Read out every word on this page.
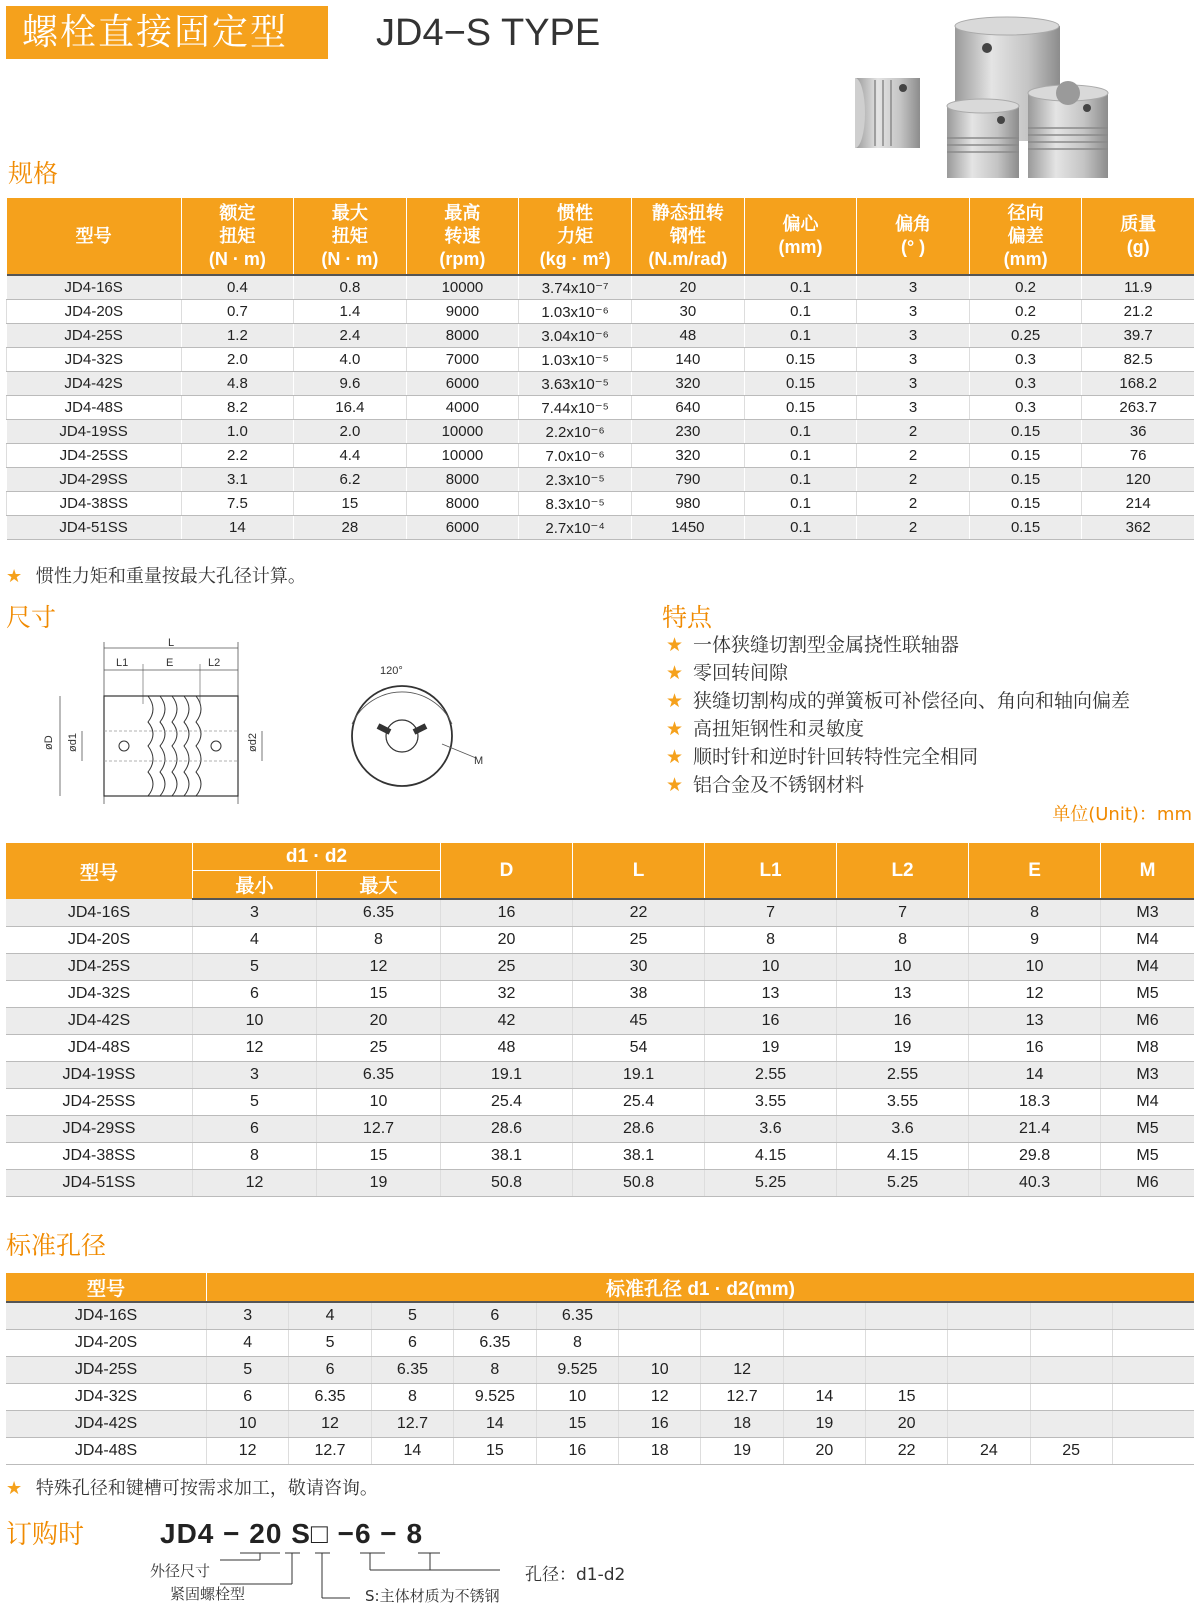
螺栓直接固定型	JD4−S TYPE
规格
型号	额定
扭矩
(N · m)	最大
扭矩
(N · m)	最高
转速
(rpm)	惯性
力矩
(kg · m²)	静态扭转
钢性
(N.m/rad)	偏心
(mm)	偏角
(° )	径向
偏差
(mm)	质量
(g)
JD4-16S	0.4	0.8	10000	3.74x10⁻⁷	20	0.1	3	0.2	11.9
JD4-20S	0.7	1.4	9000	1.03x10⁻⁶	30	0.1	3	0.2	21.2
JD4-25S	1.2	2.4	8000	3.04x10⁻⁶	48	0.1	3	0.25	39.7
JD4-32S	2.0	4.0	7000	1.03x10⁻⁵	140	0.15	3	0.3	82.5
JD4-42S	4.8	9.6	6000	3.63x10⁻⁵	320	0.15	3	0.3	168.2
JD4-48S	8.2	16.4	4000	7.44x10⁻⁵	640	0.15	3	0.3	263.7
JD4-19SS	1.0	2.0	10000	2.2x10⁻⁶	230	0.1	2	0.15	36
JD4-25SS	2.2	4.4	10000	7.0x10⁻⁶	320	0.1	2	0.15	76
JD4-29SS	3.1	6.2	8000	2.3x10⁻⁵	790	0.1	2	0.15	120
JD4-38SS	7.5	15	8000	8.3x10⁻⁵	980	0.1	2	0.15	214
JD4-51SS	14	28	6000	2.7x10⁻⁴	1450	0.1	2	0.15	362
★ 惯性力矩和重量按最大孔径计算。
尺寸	特点
L
L1	E	L2
øD ød1	ød2
120°
M
★ 一体狭缝切割型金属挠性联轴器
★ 零回转间隙
★ 狭缝切割构成的弹簧板可补偿径向、角向和轴向偏差
★ 高扭矩钢性和灵敏度
★ 顺时针和逆时针回转特性完全相同
★ 铝合金及不锈钢材料
单位(Unit)：mm
型号	d1 · d2		D	L	L1	L2	E	M
	最小	最大						
JD4-16S	3	6.35	16	22	7	7	8	M3
JD4-20S	4	8	20	25	8	8	9	M4
JD4-25S	5	12	25	30	10	10	10	M4
JD4-32S	6	15	32	38	13	13	12	M5
JD4-42S	10	20	42	45	16	16	13	M6
JD4-48S	12	25	48	54	19	19	16	M8
JD4-19SS	3	6.35	19.1	19.1	2.55	2.55	14	M3
JD4-25SS	5	10	25.4	25.4	3.55	3.55	18.3	M4
JD4-29SS	6	12.7	28.6	28.6	3.6	3.6	21.4	M5
JD4-38SS	8	15	38.1	38.1	4.15	4.15	29.8	M5
JD4-51SS	12	19	50.8	50.8	5.25	5.25	40.3	M6
标准孔径
型号	标准孔径 d1 · d2(mm)											
JD4-16S	3	4	5	6	6.35							
JD4-20S	4	5	6	6.35	8							
JD4-25S	5	6	6.35	8	9.525	10	12					
JD4-32S	6	6.35	8	9.525	10	12	12.7	14	15			
JD4-42S	10	12	12.7	14	15	16	18	19	20			
JD4-48S	12	12.7	14	15	16	18	19	20	22	24	25	
★ 特殊孔径和键槽可按需求加工，敬请咨询。
订购时	JD4 − 20 S□ −6 − 8
外径尺寸
紧固螺栓型
孔径：d1-d2
S:主体材质为不锈钢
